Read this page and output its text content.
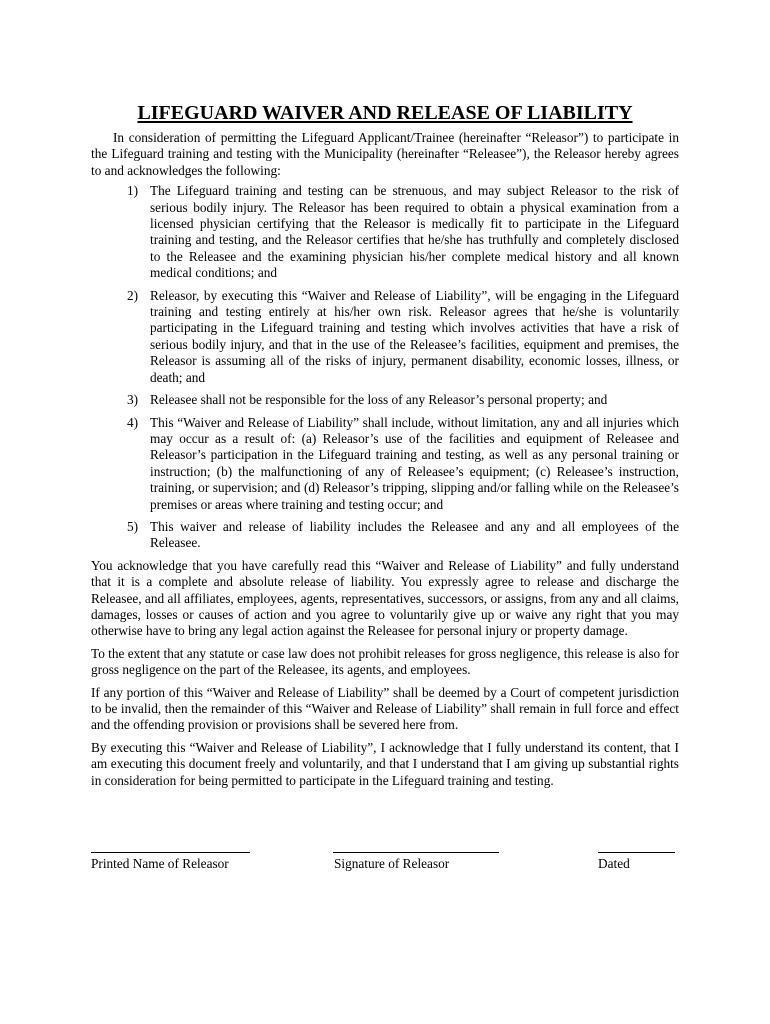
LIFEGUARD WAIVER AND RELEASE OF LIABILITY

In consideration of permitting the Lifeguard Applicant/Trainee (hereinafter “Releasor”) to participate in the Lifeguard training and testing with the Municipality (hereinafter “Releasee”), the Releasor hereby agrees to and acknowledges the following:

1) The Lifeguard training and testing can be strenuous, and may subject Releasor to the risk of serious bodily injury. The Releasor has been required to obtain a physical examination from a licensed physician certifying that the Releasor is medically fit to participate in the Lifeguard training and testing, and the Releasor certifies that he/she has truthfully and completely disclosed to the Releasee and the examining physician his/her complete medical history and all known medical conditions; and
2) Releasor, by executing this “Waiver and Release of Liability”, will be engaging in the Lifeguard training and testing entirely at his/her own risk. Releasor agrees that he/she is voluntarily participating in the Lifeguard training and testing which involves activities that have a risk of serious bodily injury, and that in the use of the Releasee’s facilities, equipment and premises, the Releasor is assuming all of the risks of injury, permanent disability, economic losses, illness, or death; and
3) Releasee shall not be responsible for the loss of any Releasor’s personal property; and
4) This “Waiver and Release of Liability” shall include, without limitation, any and all injuries which may occur as a result of: (a) Releasor’s use of the facilities and equipment of Releasee and Releasor’s participation in the Lifeguard training and testing, as well as any personal training or instruction; (b) the malfunctioning of any of Releasee’s equipment; (c) Releasee’s instruction, training, or supervision; and (d) Releasor’s tripping, slipping and/or falling while on the Releasee’s premises or areas where training and testing occur; and
5) This waiver and release of liability includes the Releasee and any and all employees of the Releasee.

You acknowledge that you have carefully read this “Waiver and Release of Liability” and fully understand that it is a complete and absolute release of liability. You expressly agree to release and discharge the Releasee, and all affiliates, employees, agents, representatives, successors, or assigns, from any and all claims, damages, losses or causes of action and you agree to voluntarily give up or waive any right that you may otherwise have to bring any legal action against the Releasee for personal injury or property damage.

To the extent that any statute or case law does not prohibit releases for gross negligence, this release is also for gross negligence on the part of the Releasee, its agents, and employees.

If any portion of this “Waiver and Release of Liability” shall be deemed by a Court of competent jurisdiction to be invalid, then the remainder of this “Waiver and Release of Liability” shall remain in full force and effect and the offending provision or provisions shall be severed here from.

By executing this “Waiver and Release of Liability”, I acknowledge that I fully understand its content, that I am executing this document freely and voluntarily, and that I understand that I am giving up substantial rights in consideration for being permitted to participate in the Lifeguard training and testing.

Printed Name of Releasor	Signature of Releasor	Dated
